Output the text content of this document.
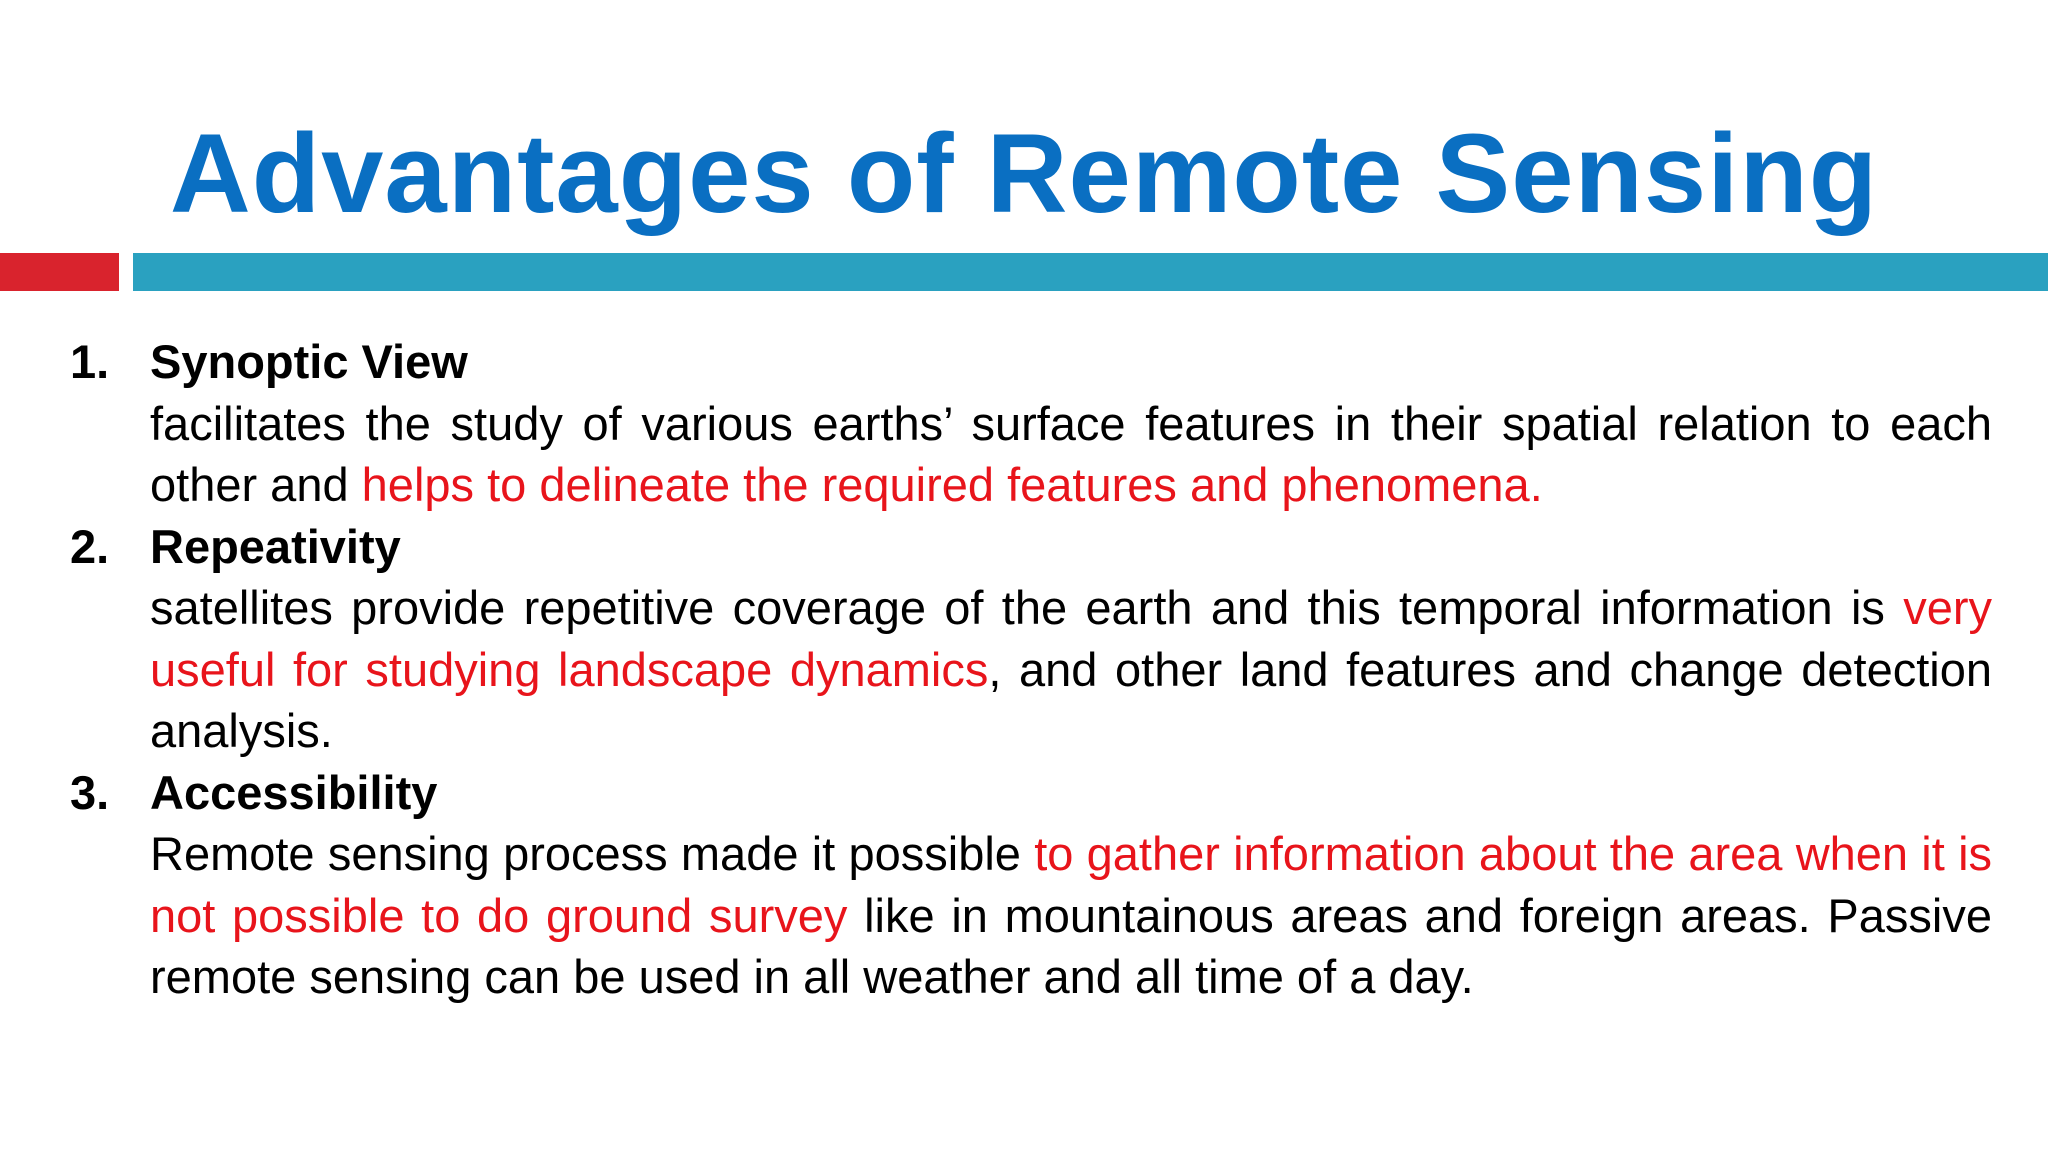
Advantages of Remote Sensing
1. Synoptic View

facilitates the study of various earths’ surface features in their spatial relation to each other and helps to delineate the required features and phenomena.

2. Repeativity

satellites provide repetitive coverage of the earth and this temporal information is very useful for studying landscape dynamics, and other land features and change detection analysis.

3. Accessibility

Remote sensing process made it possible to gather information about the area when it is not possible to do ground survey like in mountainous areas and foreign areas. Passive remote sensing can be used in all weather and all time of a day.
